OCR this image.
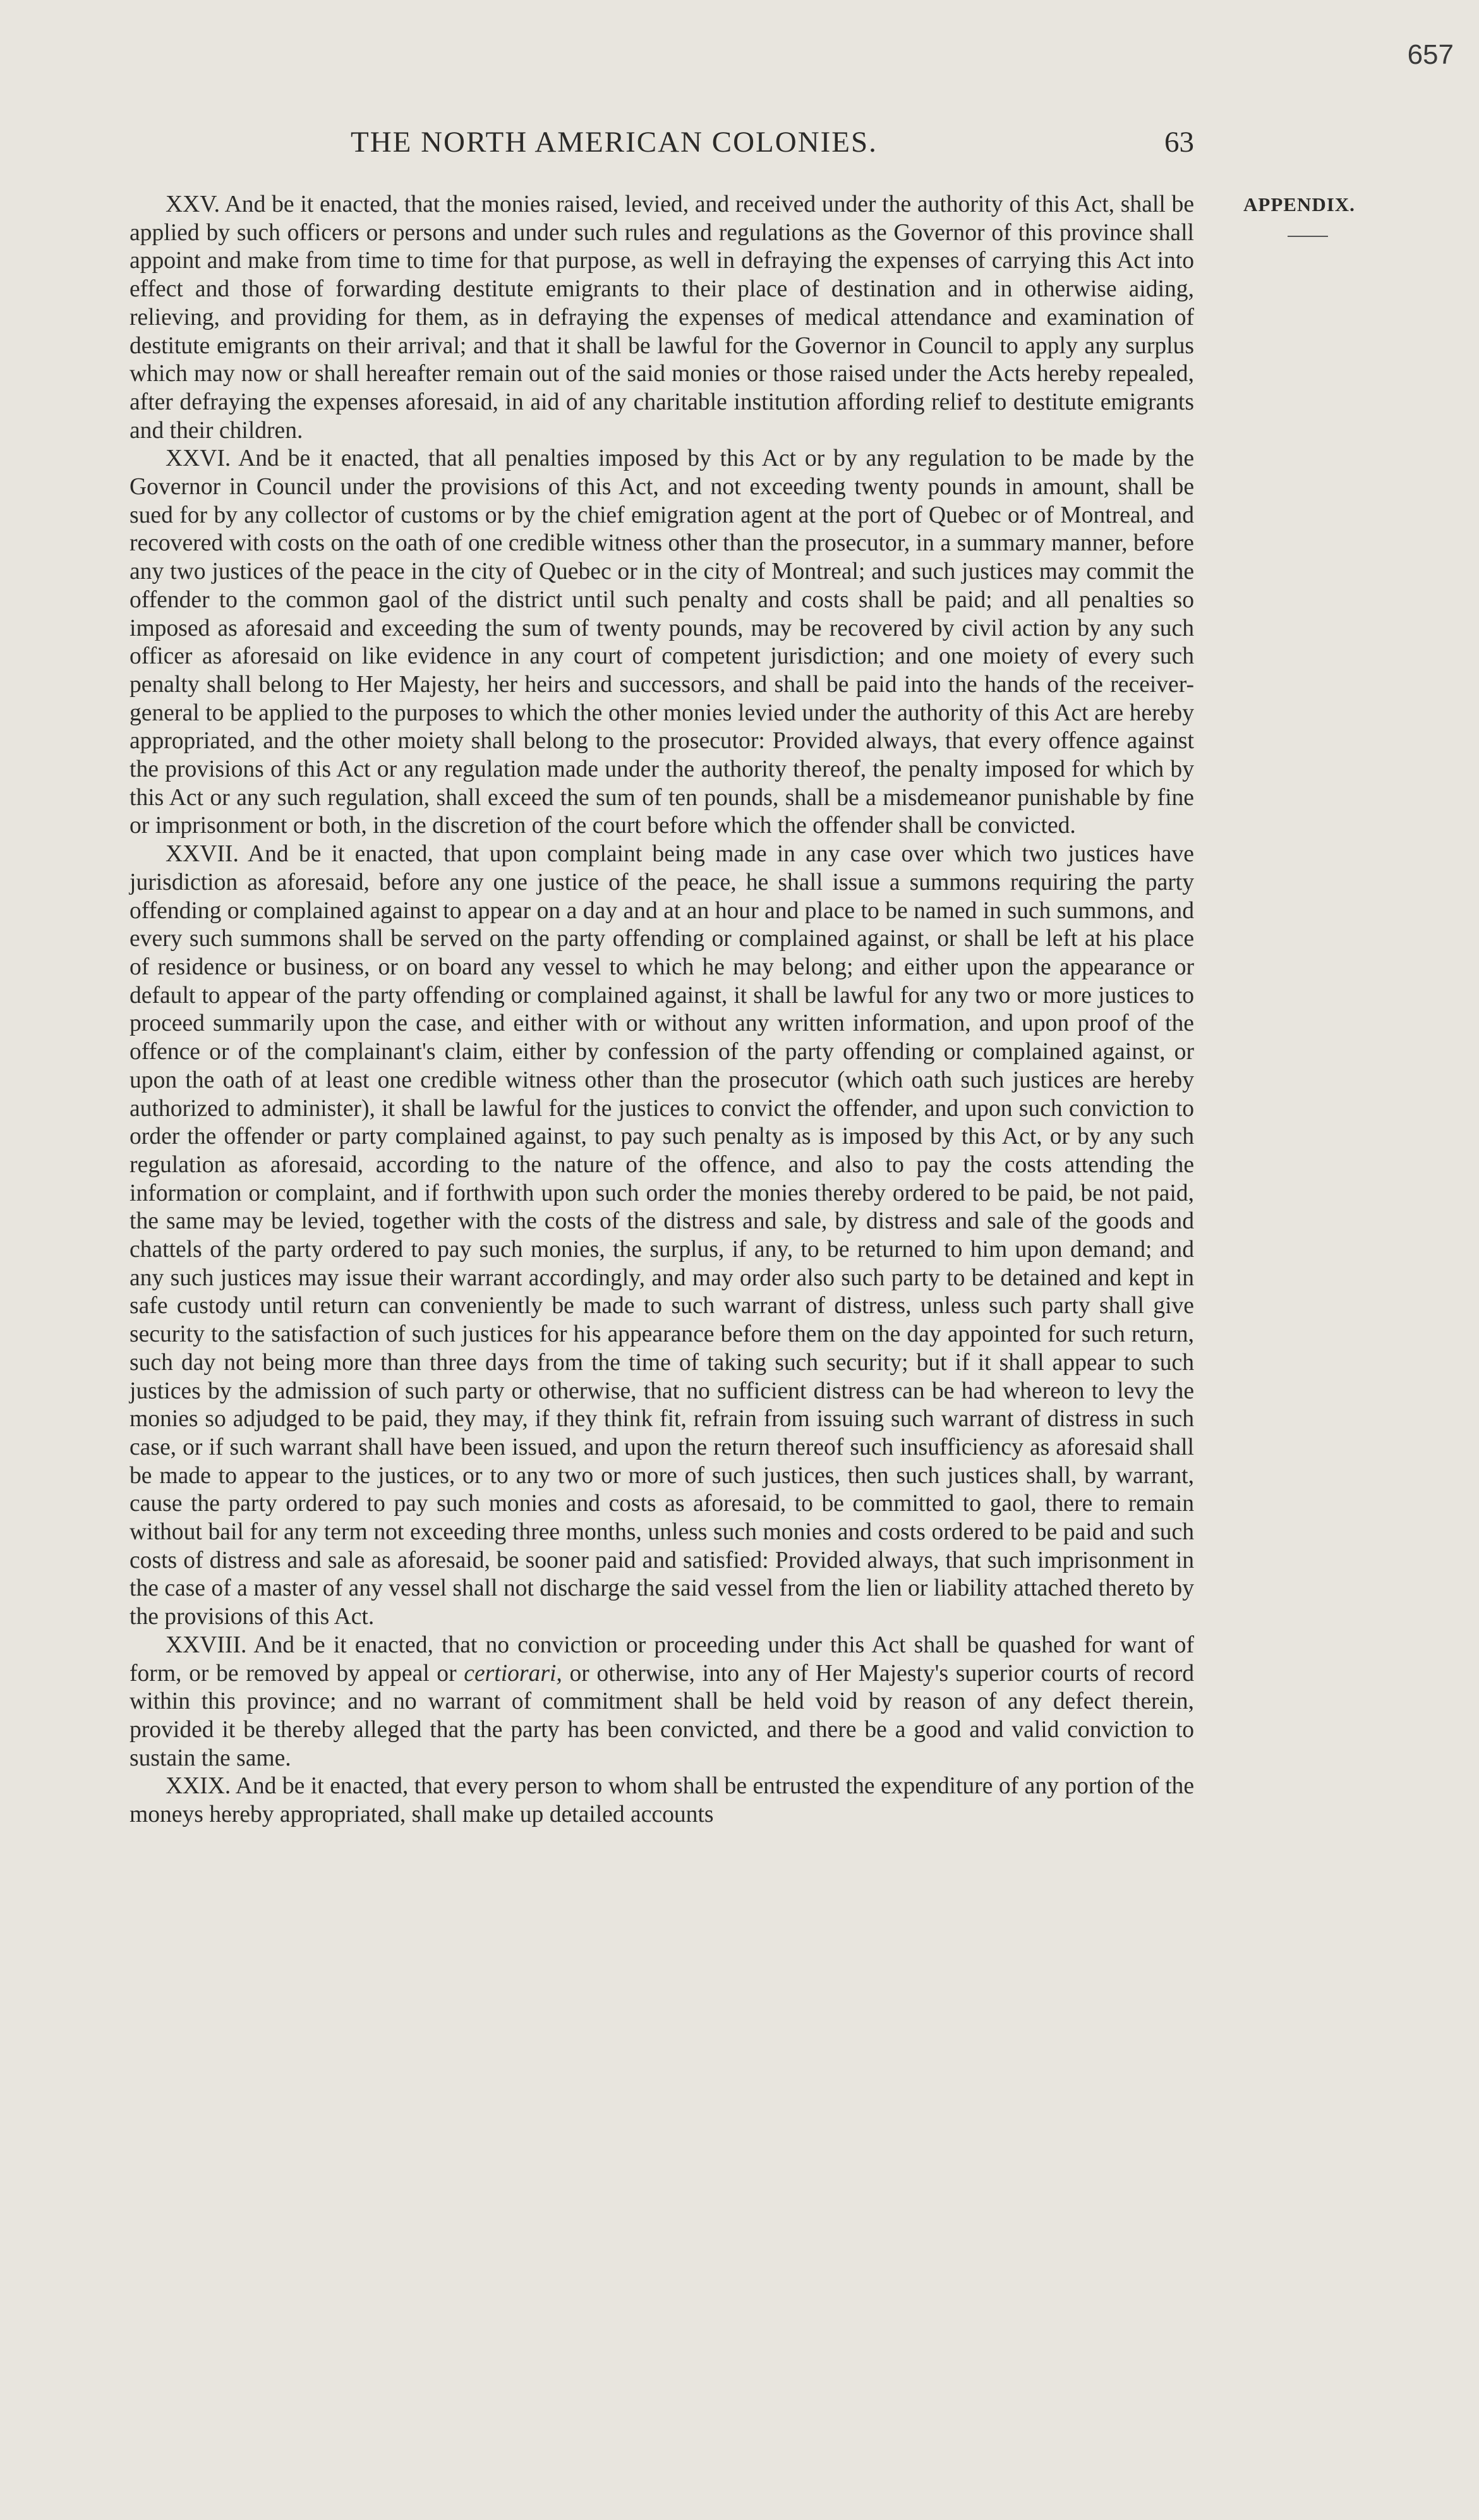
657
THE NORTH AMERICAN COLONIES.	63
APPENDIX.

XXV. And be it enacted, that the monies raised, levied, and received under the authority of this Act, shall be applied by such officers or persons and under such rules and regulations as the Governor of this province shall appoint and make from time to time for that purpose, as well in defraying the expenses of carrying this Act into effect and those of forwarding destitute emigrants to their place of destination and in otherwise aiding, relieving, and providing for them, as in defraying the expenses of medical attendance and examination of destitute emigrants on their arrival; and that it shall be lawful for the Governor in Council to apply any surplus which may now or shall hereafter remain out of the said monies or those raised under the Acts hereby repealed, after defraying the expenses aforesaid, in aid of any charitable institution affording relief to destitute emigrants and their children.

XXVI. And be it enacted, that all penalties imposed by this Act or by any regulation to be made by the Governor in Council under the provisions of this Act, and not exceeding twenty pounds in amount, shall be sued for by any collector of customs or by the chief emigration agent at the port of Quebec or of Montreal, and recovered with costs on the oath of one credible witness other than the prosecutor, in a summary manner, before any two justices of the peace in the city of Quebec or in the city of Montreal; and such justices may commit the offender to the common gaol of the district until such penalty and costs shall be paid; and all penalties so imposed as aforesaid and exceeding the sum of twenty pounds, may be recovered by civil action by any such officer as aforesaid on like evidence in any court of competent jurisdiction; and one moiety of every such penalty shall belong to Her Majesty, her heirs and successors, and shall be paid into the hands of the receiver-general to be applied to the purposes to which the other monies levied under the authority of this Act are hereby appropriated, and the other moiety shall belong to the prosecutor: Provided always, that every offence against the provisions of this Act or any regulation made under the authority thereof, the penalty imposed for which by this Act or any such regulation, shall exceed the sum of ten pounds, shall be a misdemeanor punishable by fine or imprisonment or both, in the discretion of the court before which the offender shall be convicted.

XXVII. And be it enacted, that upon complaint being made in any case over which two justices have jurisdiction as aforesaid, before any one justice of the peace, he shall issue a summons requiring the party offending or complained against to appear on a day and at an hour and place to be named in such summons, and every such summons shall be served on the party offending or complained against, or shall be left at his place of residence or business, or on board any vessel to which he may belong; and either upon the appearance or default to appear of the party offending or complained against, it shall be lawful for any two or more justices to proceed summarily upon the case, and either with or without any written information, and upon proof of the offence or of the complainant's claim, either by confession of the party offending or complained against, or upon the oath of at least one credible witness other than the prosecutor (which oath such justices are hereby authorized to administer), it shall be lawful for the justices to convict the offender, and upon such conviction to order the offender or party complained against, to pay such penalty as is imposed by this Act, or by any such regulation as aforesaid, according to the nature of the offence, and also to pay the costs attending the information or complaint, and if forthwith upon such order the monies thereby ordered to be paid, be not paid, the same may be levied, together with the costs of the distress and sale, by distress and sale of the goods and chattels of the party ordered to pay such monies, the surplus, if any, to be returned to him upon demand; and any such justices may issue their warrant accordingly, and may order also such party to be detained and kept in safe custody until return can conveniently be made to such warrant of distress, unless such party shall give security to the satisfaction of such justices for his appearance before them on the day appointed for such return, such day not being more than three days from the time of taking such security; but if it shall appear to such justices by the admission of such party or otherwise, that no sufficient distress can be had whereon to levy the monies so adjudged to be paid, they may, if they think fit, refrain from issuing such warrant of distress in such case, or if such warrant shall have been issued, and upon the return thereof such insufficiency as aforesaid shall be made to appear to the justices, or to any two or more of such justices, then such justices shall, by warrant, cause the party ordered to pay such monies and costs as aforesaid, to be committed to gaol, there to remain without bail for any term not exceeding three months, unless such monies and costs ordered to be paid and such costs of distress and sale as aforesaid, be sooner paid and satisfied: Provided always, that such imprisonment in the case of a master of any vessel shall not discharge the said vessel from the lien or liability attached thereto by the provisions of this Act.

XXVIII. And be it enacted, that no conviction or proceeding under this Act shall be quashed for want of form, or be removed by appeal or certiorari, or otherwise, into any of Her Majesty's superior courts of record within this province; and no warrant of commitment shall be held void by reason of any defect therein, provided it be thereby alleged that the party has been convicted, and there be a good and valid conviction to sustain the same.

XXIX. And be it enacted, that every person to whom shall be entrusted the expenditure of any portion of the moneys hereby appropriated, shall make up detailed accounts
